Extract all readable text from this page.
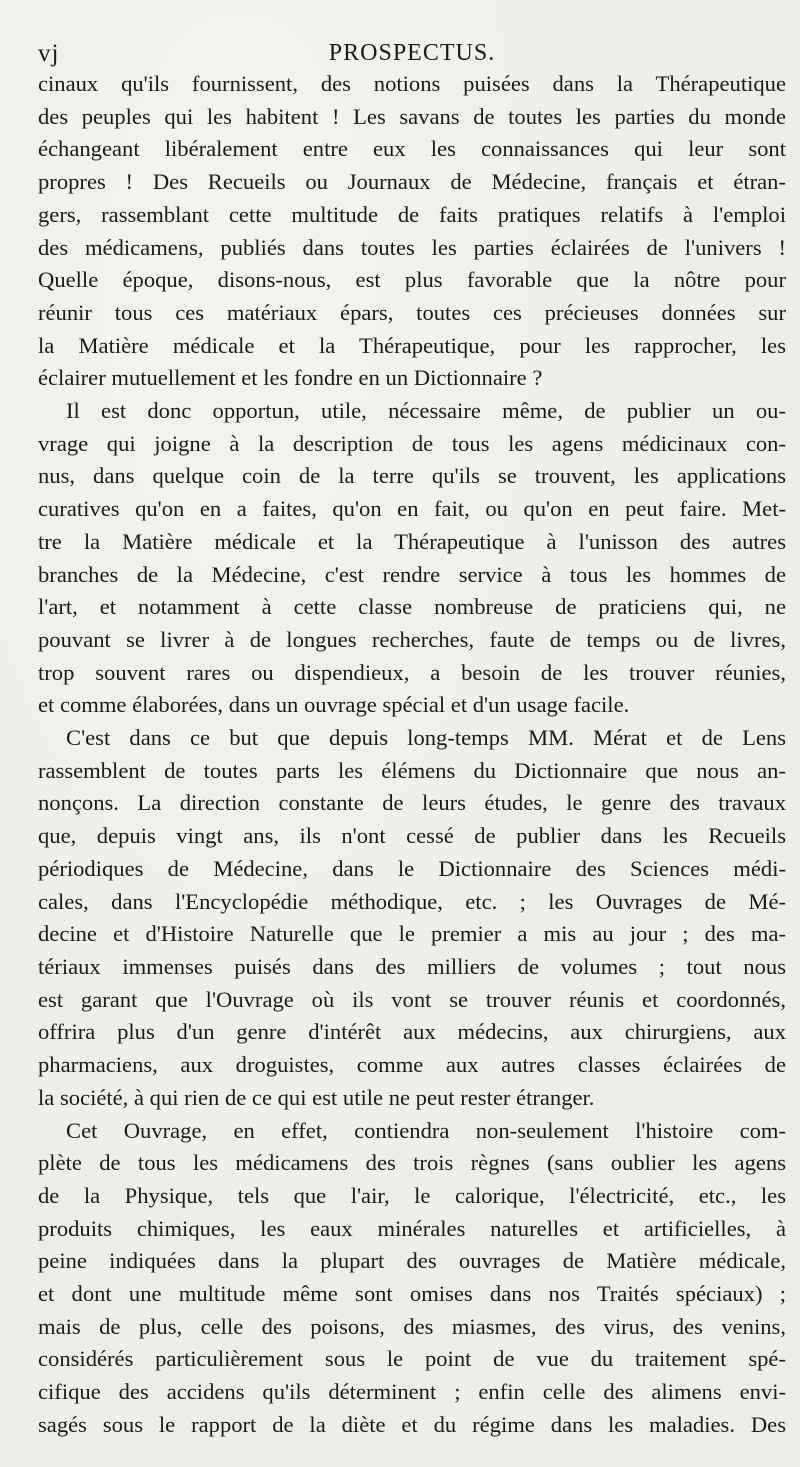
vj	PROSPECTUS.

cinaux qu'ils fournissent, des notions puisées dans la Thérapeutique
des peuples qui les habitent ! Les savans de toutes les parties du monde
échangeant libéralement entre eux les connaissances qui leur sont
propres ! Des Recueils ou Journaux de Médecine, français et étran-
gers, rassemblant cette multitude de faits pratiques relatifs à l'emploi
des médicamens, publiés dans toutes les parties éclairées de l'univers !
Quelle époque, disons-nous, est plus favorable que la nôtre pour
réunir tous ces matériaux épars, toutes ces précieuses données sur
la Matière médicale et la Thérapeutique, pour les rapprocher, les
éclairer mutuellement et les fondre en un Dictionnaire ?

Il est donc opportun, utile, nécessaire même, de publier un ou-
vrage qui joigne à la description de tous les agens médicinaux con-
nus, dans quelque coin de la terre qu'ils se trouvent, les applications
curatives qu'on en a faites, qu'on en fait, ou qu'on en peut faire. Met-
tre la Matière médicale et la Thérapeutique à l'unisson des autres
branches de la Médecine, c'est rendre service à tous les hommes de
l'art, et notamment à cette classe nombreuse de praticiens qui, ne
pouvant se livrer à de longues recherches, faute de temps ou de livres,
trop souvent rares ou dispendieux, a besoin de les trouver réunies,
et comme élaborées, dans un ouvrage spécial et d'un usage facile.

C'est dans ce but que depuis long-temps MM. Mérat et de Lens
rassemblent de toutes parts les élémens du Dictionnaire que nous an-
nonçons. La direction constante de leurs études, le genre des travaux
que, depuis vingt ans, ils n'ont cessé de publier dans les Recueils
périodiques de Médecine, dans le Dictionnaire des Sciences médi-
cales, dans l'Encyclopédie méthodique, etc. ; les Ouvrages de Mé-
decine et d'Histoire Naturelle que le premier a mis au jour ; des ma-
tériaux immenses puisés dans des milliers de volumes ; tout nous
est garant que l'Ouvrage où ils vont se trouver réunis et coordonnés,
offrira plus d'un genre d'intérêt aux médecins, aux chirurgiens, aux
pharmaciens, aux droguistes, comme aux autres classes éclairées de
la société, à qui rien de ce qui est utile ne peut rester étranger.

Cet Ouvrage, en effet, contiendra non-seulement l'histoire com-
plète de tous les médicamens des trois règnes (sans oublier les agens
de la Physique, tels que l'air, le calorique, l'électricité, etc., les
produits chimiques, les eaux minérales naturelles et artificielles, à
peine indiquées dans la plupart des ouvrages de Matière médicale,
et dont une multitude même sont omises dans nos Traités spéciaux) ;
mais de plus, celle des poisons, des miasmes, des virus, des venins,
considérés particulièrement sous le point de vue du traitement spé-
cifique des accidens qu'ils déterminent ; enfin celle des alimens envi-
sagés sous le rapport de la diète et du régime dans les maladies. Des
